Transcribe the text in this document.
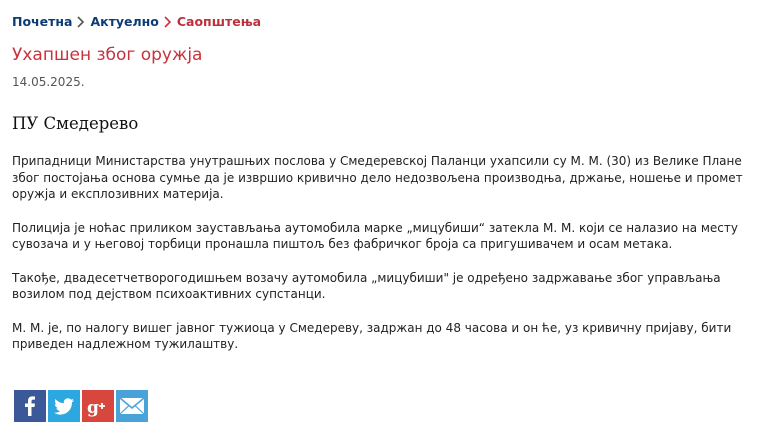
Почетна Актуелно Саопштења
Ухапшен због оружја
14.05.2025.
ПУ Смедерево

Припадници Министарства унутрашњих послова у Смедеревској Паланци ухапсили су М. М. (30) из Велике Плане због постојања основа сумње да је извршио кривично дело недозвољена производња, држање, ношење и промет оружја и експлозивних материја.

Полиција је ноћас приликом заустављања аутомобила марке „мицубиши“ затекла М. М. који се налазио на месту сувозача и у његовој торбици пронашла пиштољ без фабричког броја са пригушивачем и осам метака.

Такође, двадесетчетворогодишњем возачу аутомобила „мицубиши" је одређено задржавање због управљања возилом под дејством психоактивних супстанци.

М. М. је, по налогу вишег јавног тужиоца у Смедереву, задржан до 48 часова и он ће, уз кривичну пријаву, бити приведен надлежном тужилаштву.

g
